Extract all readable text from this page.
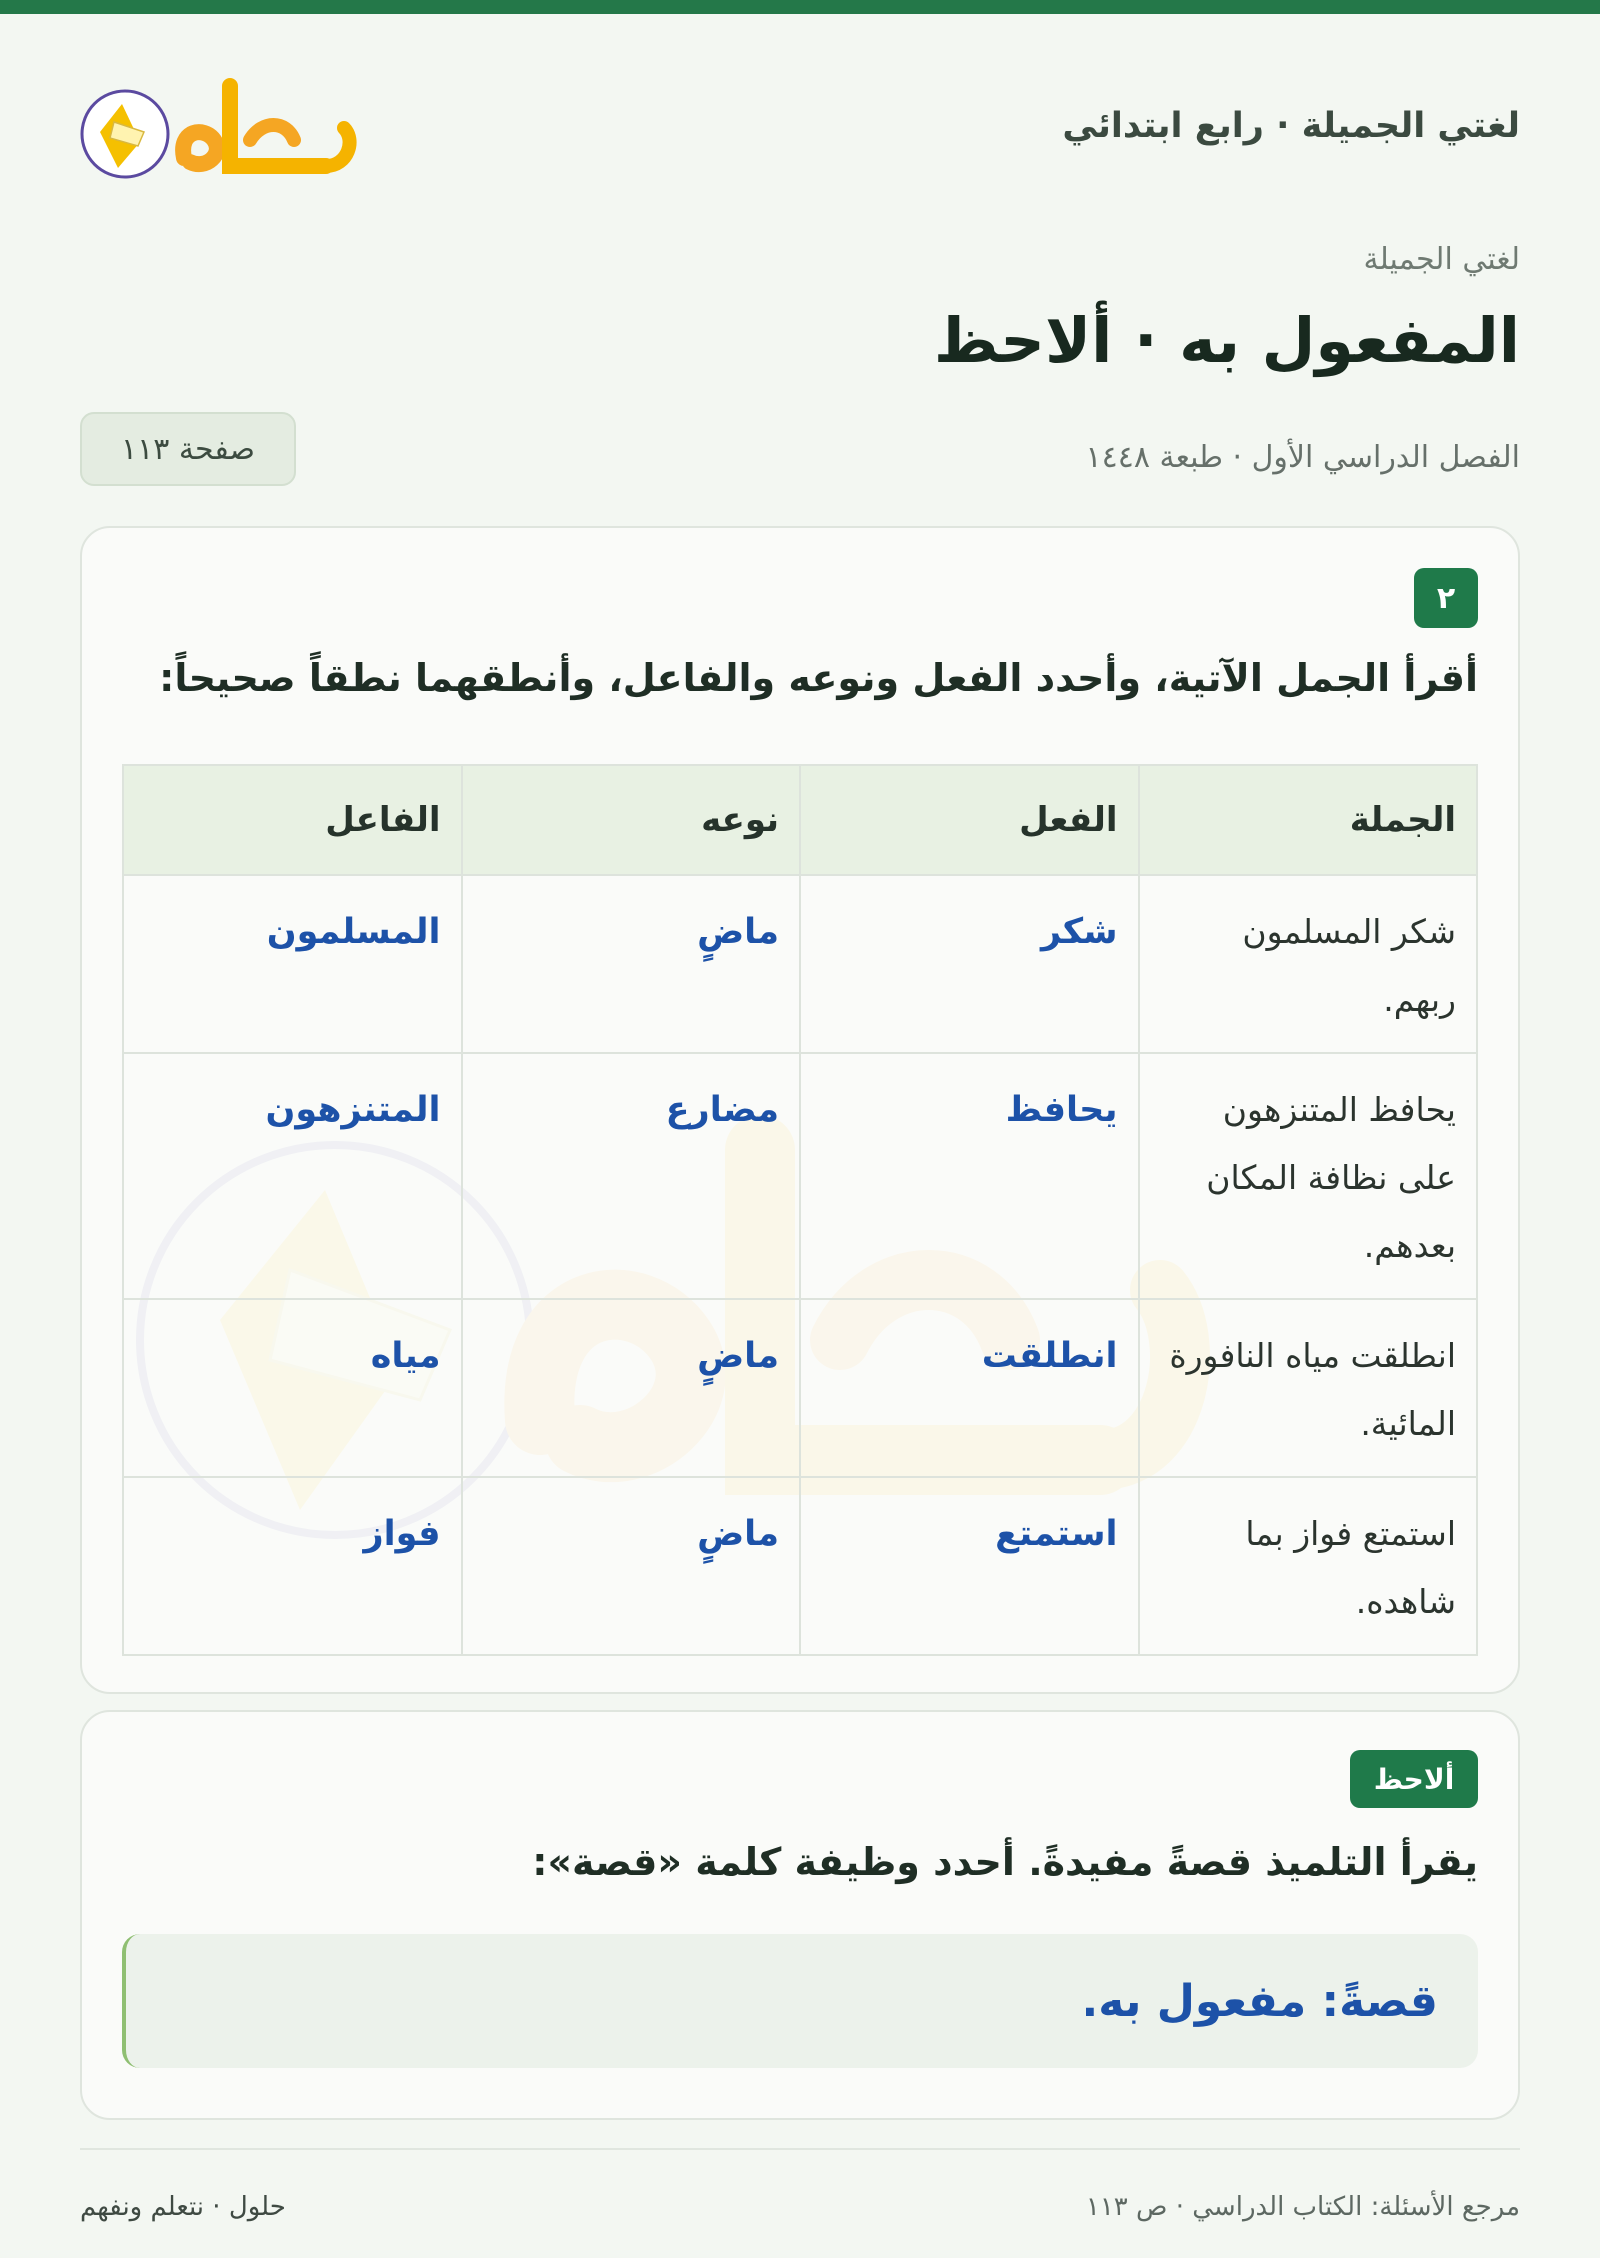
لغتي الجميلة · رابع ابتدائي
لغتي الجميلة
المفعول به · ألاحظ
الفصل الدراسي الأول · طبعة ١٤٤٨
صفحة ١١٣
٢

أقرأ الجمل الآتية، وأحدد الفعل ونوعه والفاعل، وأنطقهما نطقاً صحيحاً:

الجملة	الفعل	نوعه	الفاعل
شكر المسلمون ربهم.	شكر	ماضٍ	المسلمون
يحافظ المتنزهون على نظافة المكان بعدهم.	يحافظ	مضارع	المتنزهون
انطلقت مياه النافورة المائية.	انطلقت	ماضٍ	مياه
استمتع فواز بما شاهده.	استمتع	ماضٍ	فواز
ألاحظ

يقرأ التلميذ قصةً مفيدةً. أحدد وظيفة كلمة «قصة»:

قصةً: مفعول به.
مرجع الأسئلة: الكتاب الدراسي · ص ١١٣
حلول · نتعلم ونفهم
